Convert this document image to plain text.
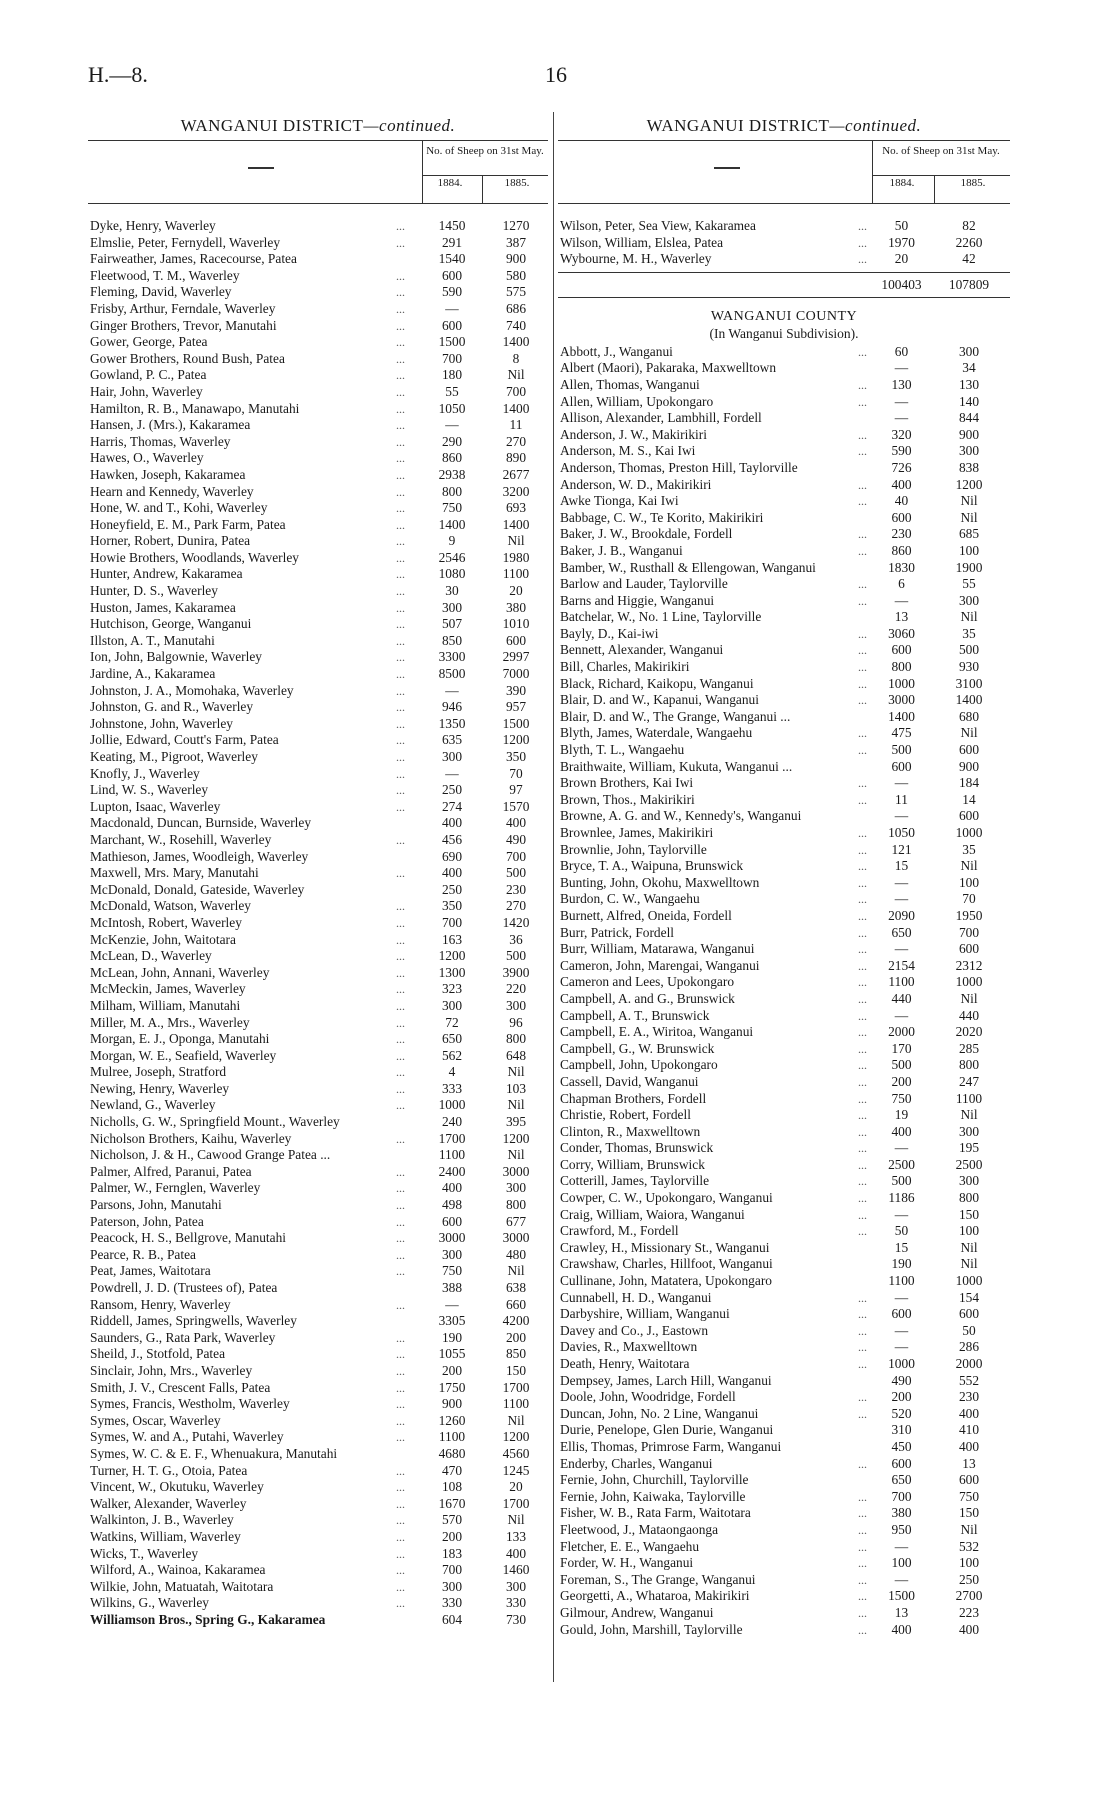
H.—8.	16
WANGANUI DISTRICT—continued.
No. of Sheep on 31st May.
1884.	1885.
Dyke, Henry, Waverley	...	1450	1270
Elmslie, Peter, Fernydell, Waverley	...	291	387
Fairweather, James, Racecourse, Patea	1540	900
Fleetwood, T. M., Waverley	...	600	580
Fleming, David, Waverley	...	590	575
Frisby, Arthur, Ferndale, Waverley	...	—	686
Ginger Brothers, Trevor, Manutahi	...	600	740
Gower, George, Patea	...	1500	1400
Gower Brothers, Round Bush, Patea	...	700	8
Gowland, P. C., Patea	...	180	Nil
Hair, John, Waverley	...	55	700
Hamilton, R. B., Manawapo, Manutahi	...	1050	1400
Hansen, J. (Mrs.), Kakaramea	...	—	11
Harris, Thomas, Waverley	...	290	270
Hawes, O., Waverley	...	860	890
Hawken, Joseph, Kakaramea	...	2938	2677
Hearn and Kennedy, Waverley	...	800	3200
Hone, W. and T., Kohi, Waverley	...	750	693
Honeyfield, E. M., Park Farm, Patea	...	1400	1400
Horner, Robert, Dunira, Patea	...	9	Nil
Howie Brothers, Woodlands, Waverley	...	2546	1980
Hunter, Andrew, Kakaramea	...	1080	1100
Hunter, D. S., Waverley	...	30	20
Huston, James, Kakaramea	...	300	380
Hutchison, George, Wanganui	...	507	1010
Illston, A. T., Manutahi	...	850	600
Ion, John, Balgownie, Waverley	...	3300	2997
Jardine, A., Kakaramea	...	8500	7000
Johnston, J. A., Momohaka, Waverley	...	—	390
Johnston, G. and R., Waverley	...	946	957
Johnstone, John, Waverley	...	1350	1500
Jollie, Edward, Coutt's Farm, Patea	...	635	1200
Keating, M., Pigroot, Waverley	...	300	350
Knofly, J., Waverley	...	—	70
Lind, W. S., Waverley	...	250	97
Lupton, Isaac, Waverley	...	274	1570
Macdonald, Duncan, Burnside, Waverley	400	400
Marchant, W., Rosehill, Waverley	...	456	490
Mathieson, James, Woodleigh, Waverley	690	700
Maxwell, Mrs. Mary, Manutahi	...	400	500
McDonald, Donald, Gateside, Waverley	250	230
McDonald, Watson, Waverley	...	350	270
McIntosh, Robert, Waverley	...	700	1420
McKenzie, John, Waitotara	...	163	36
McLean, D., Waverley	...	1200	500
McLean, John, Annani, Waverley	...	1300	3900
McMeckin, James, Waverley	...	323	220
Milham, William, Manutahi	...	300	300
Miller, M. A., Mrs., Waverley	...	72	96
Morgan, E. J., Oponga, Manutahi	...	650	800
Morgan, W. E., Seafield, Waverley	...	562	648
Mulree, Joseph, Stratford	...	4	Nil
Newing, Henry, Waverley	...	333	103
Newland, G., Waverley	...	1000	Nil
Nicholls, G. W., Springfield Mount., Waverley	240	395
Nicholson Brothers, Kaihu, Waverley	...	1700	1200
Nicholson, J. & H., Cawood Grange Patea ...	1100	Nil
Palmer, Alfred, Paranui, Patea	...	2400	3000
Palmer, W., Fernglen, Waverley	...	400	300
Parsons, John, Manutahi	...	498	800
Paterson, John, Patea	...	600	677
Peacock, H. S., Bellgrove, Manutahi	...	3000	3000
Pearce, R. B., Patea	...	300	480
Peat, James, Waitotara	...	750	Nil
Powdrell, J. D. (Trustees of), Patea	388	638
Ransom, Henry, Waverley	...	—	660
Riddell, James, Springwells, Waverley	3305	4200
Saunders, G., Rata Park, Waverley	...	190	200
Sheild, J., Stotfold, Patea	...	1055	850
Sinclair, John, Mrs., Waverley	...	200	150
Smith, J. V., Crescent Falls, Patea	...	1750	1700
Symes, Francis, Westholm, Waverley	...	900	1100
Symes, Oscar, Waverley	...	1260	Nil
Symes, W. and A., Putahi, Waverley	...	1100	1200
Symes, W. C. & E. F., Whenuakura, Manutahi	4680	4560
Turner, H. T. G., Otoia, Patea	...	470	1245
Vincent, W., Okutuku, Waverley	...	108	20
Walker, Alexander, Waverley	...	1670	1700
Walkinton, J. B., Waverley	...	570	Nil
Watkins, William, Waverley	...	200	133
Wicks, T., Waverley	...	183	400
Wilford, A., Wainoa, Kakaramea	...	700	1460
Wilkie, John, Matuatah, Waitotara	...	300	300
Wilkins, G., Waverley	...	330	330
Williamson Bros., Spring G., Kakaramea	604	730
WANGANUI DISTRICT—continued.
No. of Sheep on 31st May.
1884.	1885.
Wilson, Peter, Sea View, Kakaramea	...	50	82
Wilson, William, Elslea, Patea	...	1970	2260
Wybourne, M. H., Waverley	...	20	42
100403	107809
WANGANUI COUNTY
(In Wanganui Subdivision).
Abbott, J., Wanganui	...	60	300
Albert (Maori), Pakaraka, Maxwelltown	—	34
Allen, Thomas, Wanganui	...	130	130
Allen, William, Upokongaro	...	—	140
Allison, Alexander, Lambhill, Fordell	—	844
Anderson, J. W., Makirikiri	...	320	900
Anderson, M. S., Kai Iwi	...	590	300
Anderson, Thomas, Preston Hill, Taylorville	726	838
Anderson, W. D., Makirikiri	...	400	1200
Awke Tionga, Kai Iwi	...	40	Nil
Babbage, C. W., Te Korito, Makirikiri	600	Nil
Baker, J. W., Brookdale, Fordell	...	230	685
Baker, J. B., Wanganui	...	860	100
Bamber, W., Rusthall & Ellengowan, Wanganui	1830	1900
Barlow and Lauder, Taylorville	...	6	55
Barns and Higgie, Wanganui	...	—	300
Batchelar, W., No. 1 Line, Taylorville	13	Nil
Bayly, D., Kai-iwi	...	3060	35
Bennett, Alexander, Wanganui	...	600	500
Bill, Charles, Makirikiri	...	800	930
Black, Richard, Kaikopu, Wanganui	...	1000	3100
Blair, D. and W., Kapanui, Wanganui	...	3000	1400
Blair, D. and W., The Grange, Wanganui ...	1400	680
Blyth, James, Waterdale, Wangaehu	...	475	Nil
Blyth, T. L., Wangaehu	...	500	600
Braithwaite, William, Kukuta, Wanganui ...	600	900
Brown Brothers, Kai Iwi	...	—	184
Brown, Thos., Makirikiri	...	11	14
Browne, A. G. and W., Kennedy's, Wanganui	—	600
Brownlee, James, Makirikiri	...	1050	1000
Brownlie, John, Taylorville	...	121	35
Bryce, T. A., Waipuna, Brunswick	...	15	Nil
Bunting, John, Okohu, Maxwelltown	...	—	100
Burdon, C. W., Wangaehu	...	—	70
Burnett, Alfred, Oneida, Fordell	...	2090	1950
Burr, Patrick, Fordell	...	650	700
Burr, William, Matarawa, Wanganui	...	—	600
Cameron, John, Marengai, Wanganui	...	2154	2312
Cameron and Lees, Upokongaro	...	1100	1000
Campbell, A. and G., Brunswick	...	440	Nil
Campbell, A. T., Brunswick	...	—	440
Campbell, E. A., Wiritoa, Wanganui	...	2000	2020
Campbell, G., W. Brunswick	...	170	285
Campbell, John, Upokongaro	...	500	800
Cassell, David, Wanganui	...	200	247
Chapman Brothers, Fordell	...	750	1100
Christie, Robert, Fordell	...	19	Nil
Clinton, R., Maxwelltown	...	400	300
Conder, Thomas, Brunswick	...	—	195
Corry, William, Brunswick	...	2500	2500
Cotterill, James, Taylorville	...	500	300
Cowper, C. W., Upokongaro, Wanganui	...	1186	800
Craig, William, Waiora, Wanganui	...	—	150
Crawford, M., Fordell	...	50	100
Crawley, H., Missionary St., Wanganui	15	Nil
Crawshaw, Charles, Hillfoot, Wanganui	190	Nil
Cullinane, John, Matatera, Upokongaro	1100	1000
Cunnabell, H. D., Wanganui	...	—	154
Darbyshire, William, Wanganui	...	600	600
Davey and Co., J., Eastown	...	—	50
Davies, R., Maxwelltown	...	—	286
Death, Henry, Waitotara	...	1000	2000
Dempsey, James, Larch Hill, Wanganui	490	552
Doole, John, Woodridge, Fordell	...	200	230
Duncan, John, No. 2 Line, Wanganui	...	520	400
Durie, Penelope, Glen Durie, Wanganui	310	410
Ellis, Thomas, Primrose Farm, Wanganui	450	400
Enderby, Charles, Wanganui	...	600	13
Fernie, John, Churchill, Taylorville	650	600
Fernie, John, Kaiwaka, Taylorville	...	700	750
Fisher, W. B., Rata Farm, Waitotara	...	380	150
Fleetwood, J., Mataongaonga	...	950	Nil
Fletcher, E. E., Wangaehu	...	—	532
Forder, W. H., Wanganui	...	100	100
Foreman, S., The Grange, Wanganui	...	—	250
Georgetti, A., Whataroa, Makirikiri	...	1500	2700
Gilmour, Andrew, Wanganui	...	13	223
Gould, John, Marshill, Taylorville	...	400	400
